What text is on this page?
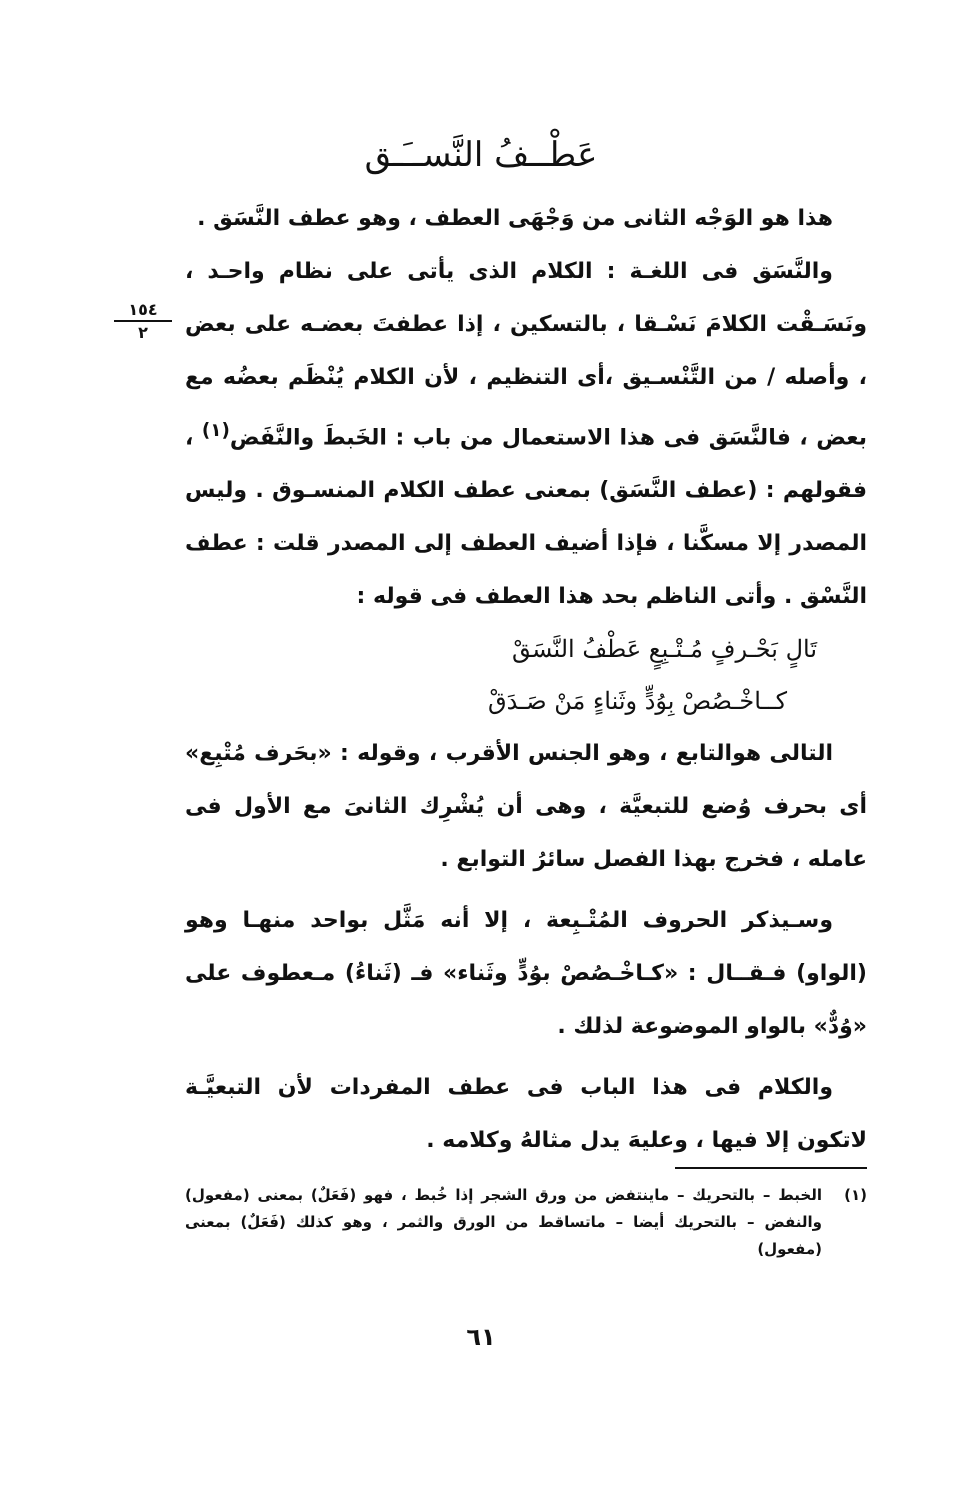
عَطْــفُ النَّســَـق
١٥٤
٢

هذا هو الوَجْه الثانى من وَجْهَى العطف ، وهو عطف النَّسَق .

والنَّسَق فى اللغـة : الكلام الذى يأتى على نظام واحـد ، ونَسَـقْت الكلامَ نَسْـقا ، بالتسكين ، إذا عطفتَ بعضـه على بعض ، وأصله / من التَّنْسـيق ،أى التنظيم ، لأن الكلام يُنْظَم بعضُه مع بعض ، فالنَّسَق فى هذا الاستعمال من باب : الخَبطَ والنَّفَض$^{(١)}$ ، فقولهم : (عطف النَّسَق) بمعنى عطف الكلام المنسـوق . وليس المصدر إلا مسكَّنا ، فإذا أضيف العطف إلى المصدر قلت : عطف النَّسْق . وأتى الناظم بحد هذا العطف فى قوله :

تَالٍ بَحْـرفٍ مُـتْـبِعٍ عَطْفُ النَّسَقْ

كــاخْـصُصْ بِوُدٍّ وثَناءٍ مَنْ صَـدَقْ

التالى هوالتابع ، وهو الجنس الأقرب ، وقوله : «بحَرف مُتْبِع» أى بحرف وُضع للتبعيَّة ، وهى أن يُشْرِك الثانىَ مع الأول فى عامله ، فخرج بهذا الفصل سائرُ التوابع .

وسـيذكر الحروف المُتْـبِعة ، إلا أنه مَثَّل بواحد منهـا وهو (الواو) فـقــال : «كـاخْـصُصْ بوُدٍّ وثَناء» فـ (ثَناءُ) مـعطوف على «وُدٌّ» بالواو الموضوعة لذلك .

والكلام فى هذا الباب فى عطف المفردات لأن التبعيَّـة لاتكون إلا فيها ، وعليهَ يدل مثالهُ وكلامه .

(١)
الخبط – بالتحريك – ماينتفض من ورق الشجر إذا خُبط ، فهو (فَعَلٌ) بمعنى (مفعول) والنفض – بالتحريك أيضا – ماتساقط من الورق والثمر ، وهو كذلك (فَعَلٌ) بمعنى (مفعول)
٦١
